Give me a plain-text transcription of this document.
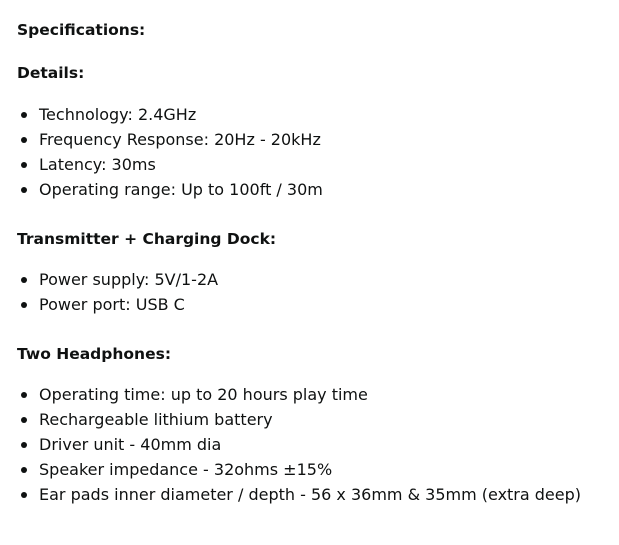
Specifications:
Details:
Technology: 2.4GHz
Frequency Response: 20Hz - 20kHz
Latency: 30ms
Operating range: Up to 100ft / 30m
Transmitter + Charging Dock:
Power supply: 5V/1-2A
Power port: USB C
Two Headphones:
Operating time: up to 20 hours play time
Rechargeable lithium battery
Driver unit - 40mm dia
Speaker impedance - 32ohms ±15%
Ear pads inner diameter / depth - 56 x 36mm & 35mm (extra deep)
